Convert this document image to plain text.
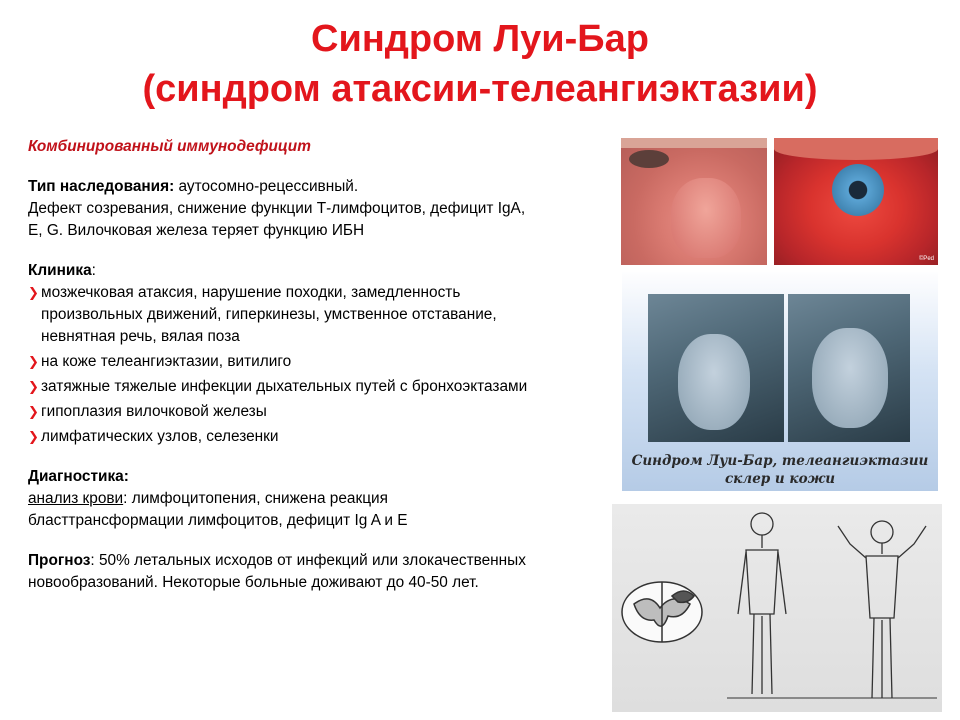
Синдром Луи-Бар
(синдром атаксии-телеангиэктазии)
Комбинированный иммунодефицит

Тип наследования: аутосомно-рецессивный.

Дефект созревания, снижение функции Т-лимфоцитов, дефицит IgA,

E, G. Вилочковая железа теряет функцию ИБН

Клиника:

❯ мозжечковая атаксия, нарушение походки, замедленность
произвольных движений, гиперкинезы, умственное отставание,
невнятная речь, вялая поза
❯ на коже телеангиэктазии, витилиго
❯ затяжные тяжелые инфекции дыхательных путей с бронхоэктазами
❯ гипоплазия вилочковой железы
❯ лимфатических узлов, селезенки

Диагностика:

анализ крови: лимфоцитопения, снижена реакция

бласттрансформации лимфоцитов, дефицит Ig A и E

Прогноз: 50% летальных исходов от инфекций или злокачественных

новообразований. Некоторые больные доживают до 40-50 лет.

©Ped
Синдром Луи-Бар, телеангиэктазии
склер и кожи
